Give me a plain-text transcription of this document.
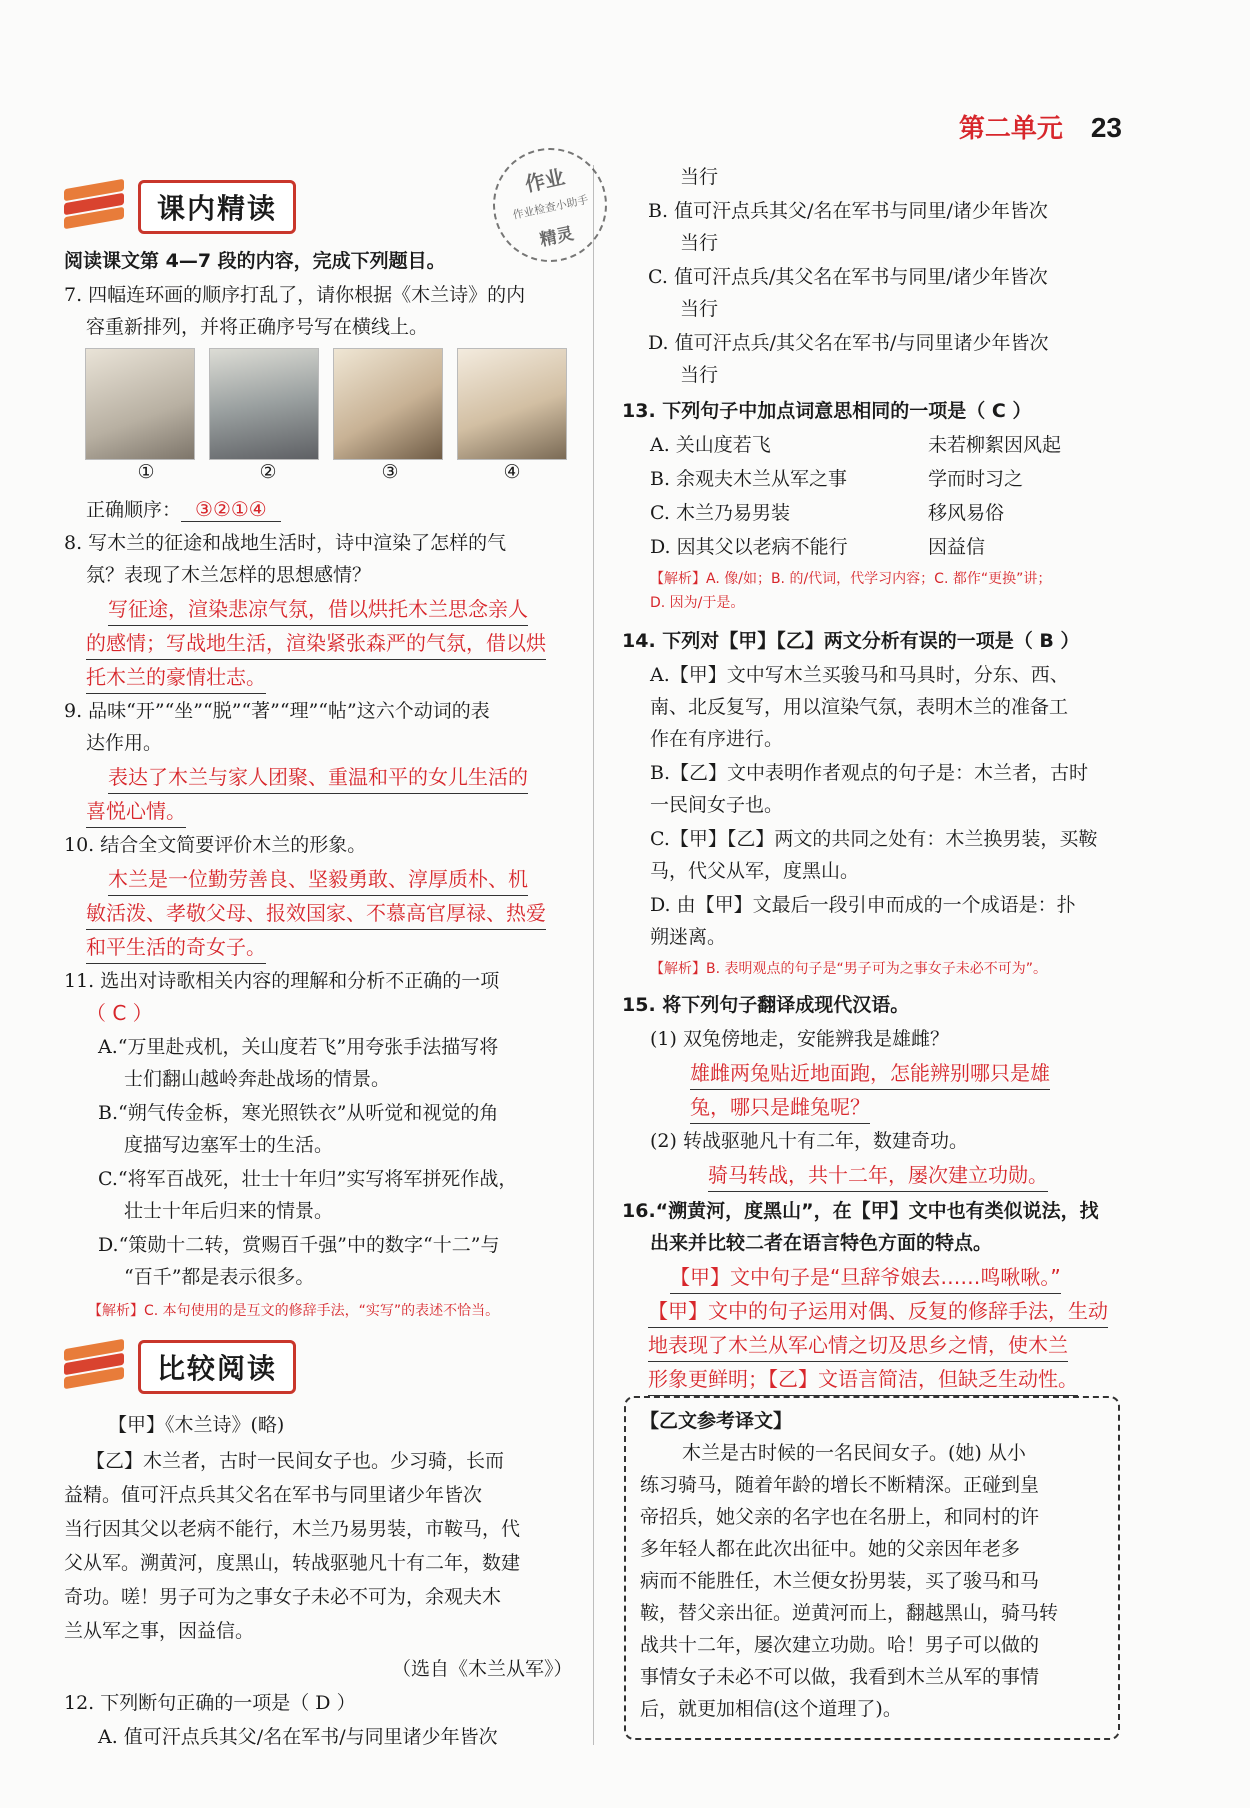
第二单元 23
作业
作业检查小助手
精灵
课内精读
阅读课文第 4—7 段的内容，完成下列题目。
7. 四幅连环画的顺序打乱了，请你根据《木兰诗》的内
容重新排列，并将正确序号写在横线上。
①	②	③	④
正确顺序： ③②①④
8. 写木兰的征途和战地生活时，诗中渲染了怎样的气
氛？表现了木兰怎样的思想感情？
写征途，渲染悲凉气氛，借以烘托木兰思念亲人
的感情；写战地生活，渲染紧张森严的气氛，借以烘
托木兰的豪情壮志。
9. 品味“开”“坐”“脱”“著”“理”“帖”这六个动词的表
达作用。
表达了木兰与家人团聚、重温和平的女儿生活的
喜悦心情。
10. 结合全文简要评价木兰的形象。
木兰是一位勤劳善良、坚毅勇敢、淳厚质朴、机
敏活泼、孝敬父母、报效国家、不慕高官厚禄、热爱
和平生活的奇女子。
11. 选出对诗歌相关内容的理解和分析不正确的一项
（ C ）
A.“万里赴戎机，关山度若飞”用夸张手法描写将
士们翻山越岭奔赴战场的情景。
B.“朔气传金柝，寒光照铁衣”从听觉和视觉的角
度描写边塞军士的生活。
C.“将军百战死，壮士十年归”实写将军拼死作战，
壮士十年后归来的情景。
D.“策勋十二转，赏赐百千强”中的数字“十二”与
“百千”都是表示很多。
【解析】C. 本句使用的是互文的修辞手法，“实写”的表述不恰当。
比较阅读
【甲】《木兰诗》(略)
【乙】木兰者，古时一民间女子也。少习骑，长而
益精。值可汗点兵其父名在军书与同里诸少年皆次
当行因其父以老病不能行，木兰乃易男装，市鞍马，代
父从军。溯黄河，度黑山，转战驱驰凡十有二年，数建
奇功。嗟！男子可为之事女子未必不可为，余观夫木
兰从军之事，因益信。
（选自《木兰从军》）
12. 下列断句正确的一项是（ D ）
A. 值可汗点兵其父/名在军书/与同里诸少年皆次
当行
B. 值可汗点兵其父/名在军书与同里/诸少年皆次
当行
C. 值可汗点兵/其父名在军书与同里/诸少年皆次
当行
D. 值可汗点兵/其父名在军书/与同里诸少年皆次
当行
13. 下列句子中加点词意思相同的一项是（ C ）
A. 关山度若飞	未若柳絮因风起
B. 余观夫木兰从军之事	学而时习之
C. 木兰乃易男装	移风易俗
D. 因其父以老病不能行	因益信
【解析】A. 像/如；B. 的/代词，代学习内容；C. 都作“更换”讲；
D. 因为/于是。
14. 下列对【甲】【乙】两文分析有误的一项是（ B ）
A.【甲】文中写木兰买骏马和马具时，分东、西、
南、北反复写，用以渲染气氛，表明木兰的准备工
作在有序进行。
B.【乙】文中表明作者观点的句子是：木兰者，古时
一民间女子也。
C.【甲】【乙】两文的共同之处有：木兰换男装，买鞍
马，代父从军，度黑山。
D. 由【甲】文最后一段引申而成的一个成语是：扑
朔迷离。
【解析】B. 表明观点的句子是“男子可为之事女子未必不可为”。
15. 将下列句子翻译成现代汉语。
(1) 双兔傍地走，安能辨我是雄雌？
雄雌两兔贴近地面跑，怎能辨别哪只是雄
兔，哪只是雌兔呢？
(2) 转战驱驰凡十有二年，数建奇功。
骑马转战，共十二年，屡次建立功勋。
16.“溯黄河，度黑山”，在【甲】文中也有类似说法，找
出来并比较二者在语言特色方面的特点。
【甲】文中句子是“旦辞爷娘去……鸣啾啾。”
【甲】文中的句子运用对偶、反复的修辞手法，生动
地表现了木兰从军心情之切及思乡之情，使木兰
形象更鲜明；【乙】文语言简洁，但缺乏生动性。
【乙文参考译文】
木兰是古时候的一名民间女子。(她) 从小
练习骑马，随着年龄的增长不断精深。正碰到皇
帝招兵，她父亲的名字也在名册上，和同村的许
多年轻人都在此次出征中。她的父亲因年老多
病而不能胜任，木兰便女扮男装，买了骏马和马
鞍，替父亲出征。逆黄河而上，翻越黑山，骑马转
战共十二年，屡次建立功勋。哈！男子可以做的
事情女子未必不可以做，我看到木兰从军的事情
后，就更加相信(这个道理了)。
